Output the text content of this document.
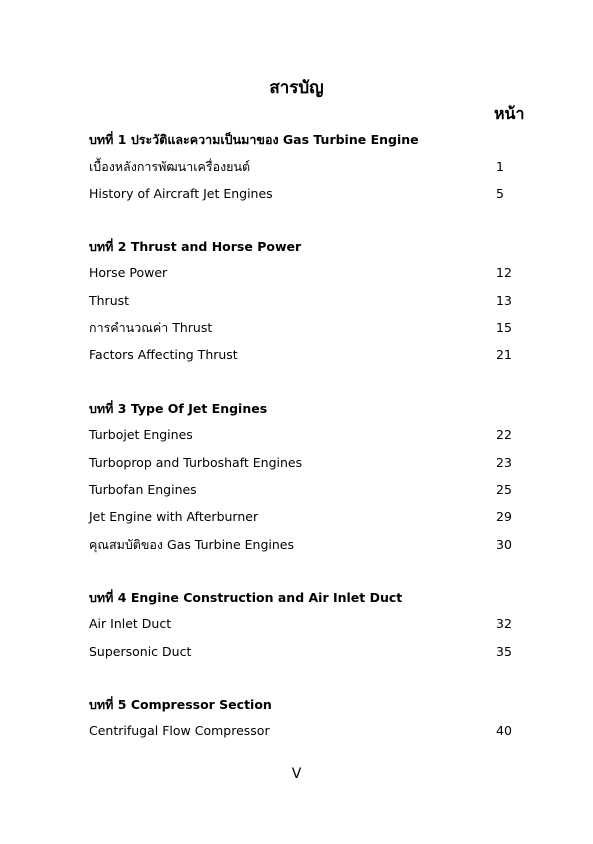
สารบัญ
หน้า
บทที่ 1 ประวัติและความเป็นมาของ Gas Turbine Engine
เบื้องหลังการพัฒนาเครื่องยนต์	1
History of Aircraft Jet Engines	5
บทที่ 2 Thrust and Horse Power
Horse Power	12
Thrust	13
การคำนวณค่า Thrust	15
Factors Affecting Thrust	21
บทที่ 3 Type Of Jet Engines
Turbojet Engines	22
Turboprop and Turboshaft Engines	23
Turbofan Engines	25
Jet Engine with Afterburner	29
คุณสมบัติของ Gas Turbine Engines	30
บทที่ 4 Engine Construction and Air Inlet Duct
Air Inlet Duct	32
Supersonic Duct	35
บทที่ 5 Compressor Section
Centrifugal Flow Compressor	40
V
